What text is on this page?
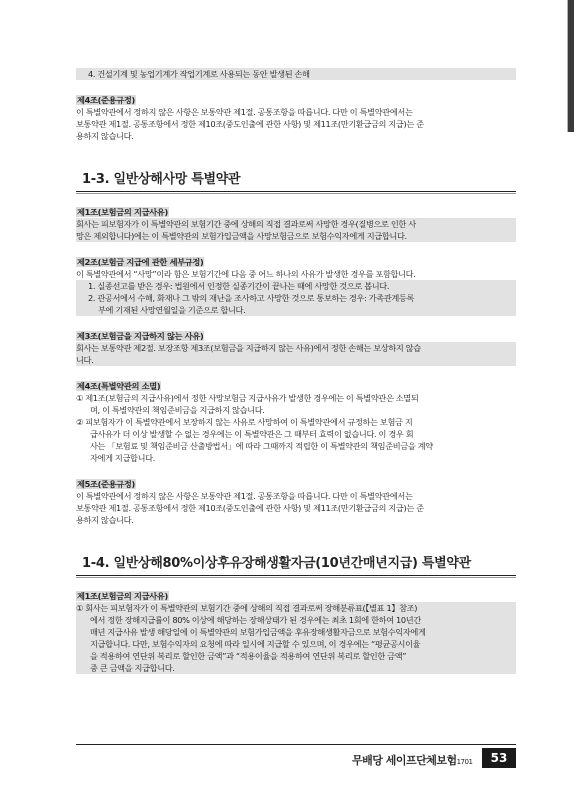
4. 건설기계 및 농업기계가 작업기계로 사용되는 동안 발생된 손해
제4조(준용규정)
이 특별약관에서 정하지 않은 사항은 보통약관 제1절. 공통조항을 따릅니다. 다만 이 특별약관에서는
보통약관 제1절. 공통조항에서 정한 제10조(중도인출에 관한 사항) 및 제11조(만기환급금의 지급)는 준
용하지 않습니다.
1-3. 일반상해사망 특별약관
제1조(보험금의 지급사유)
회사는 피보험자가 이 특별약관의 보험기간 중에 상해의 직접 결과로써 사망한 경우(질병으로 인한 사
망은 제외합니다)에는 이 특별약관의 보험가입금액을 사망보험금으로 보험수익자에게 지급합니다.
제2조(보험금 지급에 관한 세부규정)
이 특별약관에서 “사망”이라 함은 보험기간에 다음 중 어느 하나의 사유가 발생한 경우를 포함합니다.
1. 실종선고를 받은 경우: 법원에서 인정한 실종기간이 끝나는 때에 사망한 것으로 봅니다.
2. 관공서에서 수해, 화재나 그 밖의 재난을 조사하고 사망한 것으로 통보하는 경우: 가족관계등록
부에 기재된 사망연월일을 기준으로 합니다.
제3조(보험금을 지급하지 않는 사유)
회사는 보통약관 제2절. 보장조항 제3조(보험금을 지급하지 않는 사유)에서 정한 손해는 보상하지 않습
니다.
제4조(특별약관의 소멸)
① 제1조(보험금의 지급사유)에서 정한 사망보험금 지급사유가 발생한 경우에는 이 특별약관은 소멸되
며, 이 특별약관의 책임준비금을 지급하지 않습니다.
② 피보험자가 이 특별약관에서 보장하지 않는 사유로 사망하여 이 특별약관에서 규정하는 보험금 지
급사유가 더 이상 발생할 수 없는 경우에는 이 특별약관은 그 때부터 효력이 없습니다. 이 경우 회
사는 「보험료 및 책임준비금 산출방법서」에 따라 그때까지 적립한 이 특별약관의 책임준비금을 계약
자에게 지급합니다.
제5조(준용규정)
이 특별약관에서 정하지 않은 사항은 보통약관 제1절. 공통조항을 따릅니다. 다만 이 특별약관에서는
보통약관 제1절. 공통조항에서 정한 제10조(중도인출에 관한 사항) 및 제11조(만기환급금의 지급)는 준
용하지 않습니다.
1-4. 일반상해80%이상후유장해생활자금(10년간매년지급) 특별약관
제1조(보험금의 지급사유)
① 회사는 피보험자가 이 특별약관의 보험기간 중에 상해의 직접 결과로써 장해분류표(【별표 1】참조)
에서 정한 장해지급률이 80% 이상에 해당하는 장해상태가 된 경우에는 최초 1회에 한하여 10년간
매년 지급사유 발생 해당일에 이 특별약관의 보험가입금액을 후유장해생활자금으로 보험수익자에게
지급합니다. 다만, 보험수익자의 요청에 따라 일시에 지급할 수 있으며, 이 경우에는 “평균공시이율
을 적용하여 연단위 복리로 할인한 금액”과 “적용이율을 적용하여 연단위 복리로 할인한 금액”
중 큰 금액을 지급합니다.
무배당 세이프단체보험1701	53
